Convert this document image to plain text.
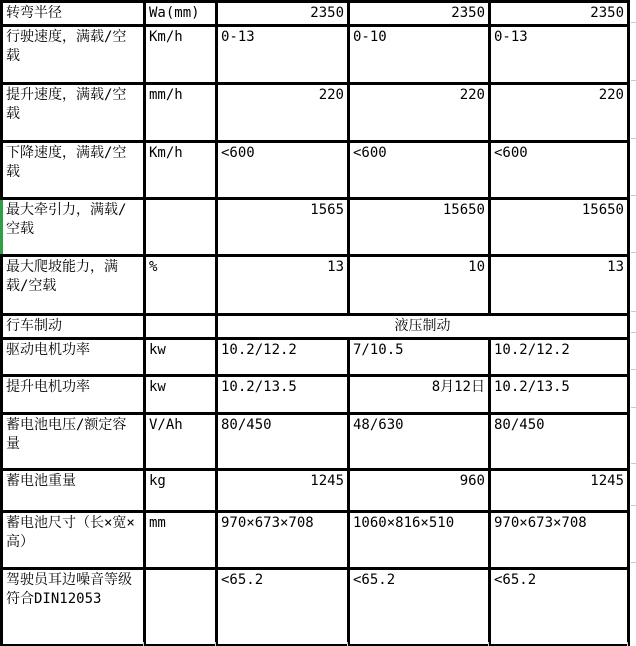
转弯半径	Wa(mm)	2350	2350	2350
行驶速度，满载/空载	Km/h	0-13	0-10	0-13
提升速度，满载/空载	mm/h	220	220	220
下降速度，满载/空载	Km/h	<600	<600	<600
最大牵引力，满载/空载		1565	15650	15650
最大爬坡能力，满载/空载	%	13	10	13
行车制动		液压制动		
驱动电机功率	kw	10.2/12.2	7/10.5	10.2/12.2
提升电机功率	kw	10.2/13.5	8月12日	10.2/13.5
蓄电池电压/额定容量	V/Ah	80/450	48/630	80/450
蓄电池重量	kg	1245	960	1245
蓄电池尺寸（长×宽×高）	mm	970×673×708	1060×816×510	970×673×708
驾驶员耳边噪音等级符合DIN12053		<65.2	<65.2	<65.2
